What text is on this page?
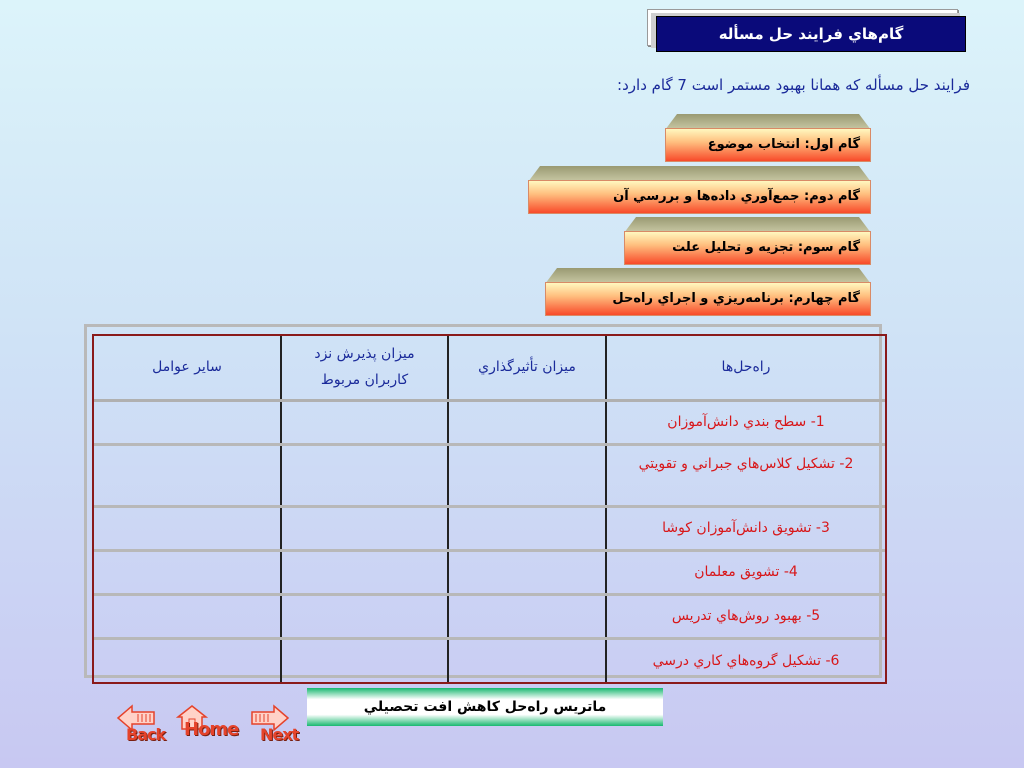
گام‌هاي فرايند حل مسأله
فرايند حل مسأله كه همانا بهبود مستمر است 7 گام دارد:
گام اول: انتخاب موضوع
گام دوم: جمع‌آوري داده‌ها و بررسي آن
گام سوم: تجزيه و تحليل علت
گام چهارم: برنامه‌ريزي و اجراي راه‌حل
راه‌حل‌ها	ميزان تأثيرگذاري	ميزان پذيرش نزد كاربران مربوط	ساير عوامل
1- سطح بندي دانش‌آموزان			
2- تشكيل كلاس‌هاي جبراني و تقويتي			
3- تشويق دانش‌آموزان كوشا			
4- تشويق معلمان			
5- بهبود روش‌هاي تدريس			
6- تشكيل گروه‌هاي كاري درسي			
ماتريس راه‌حل كاهش افت تحصيلي
Back Home Next
